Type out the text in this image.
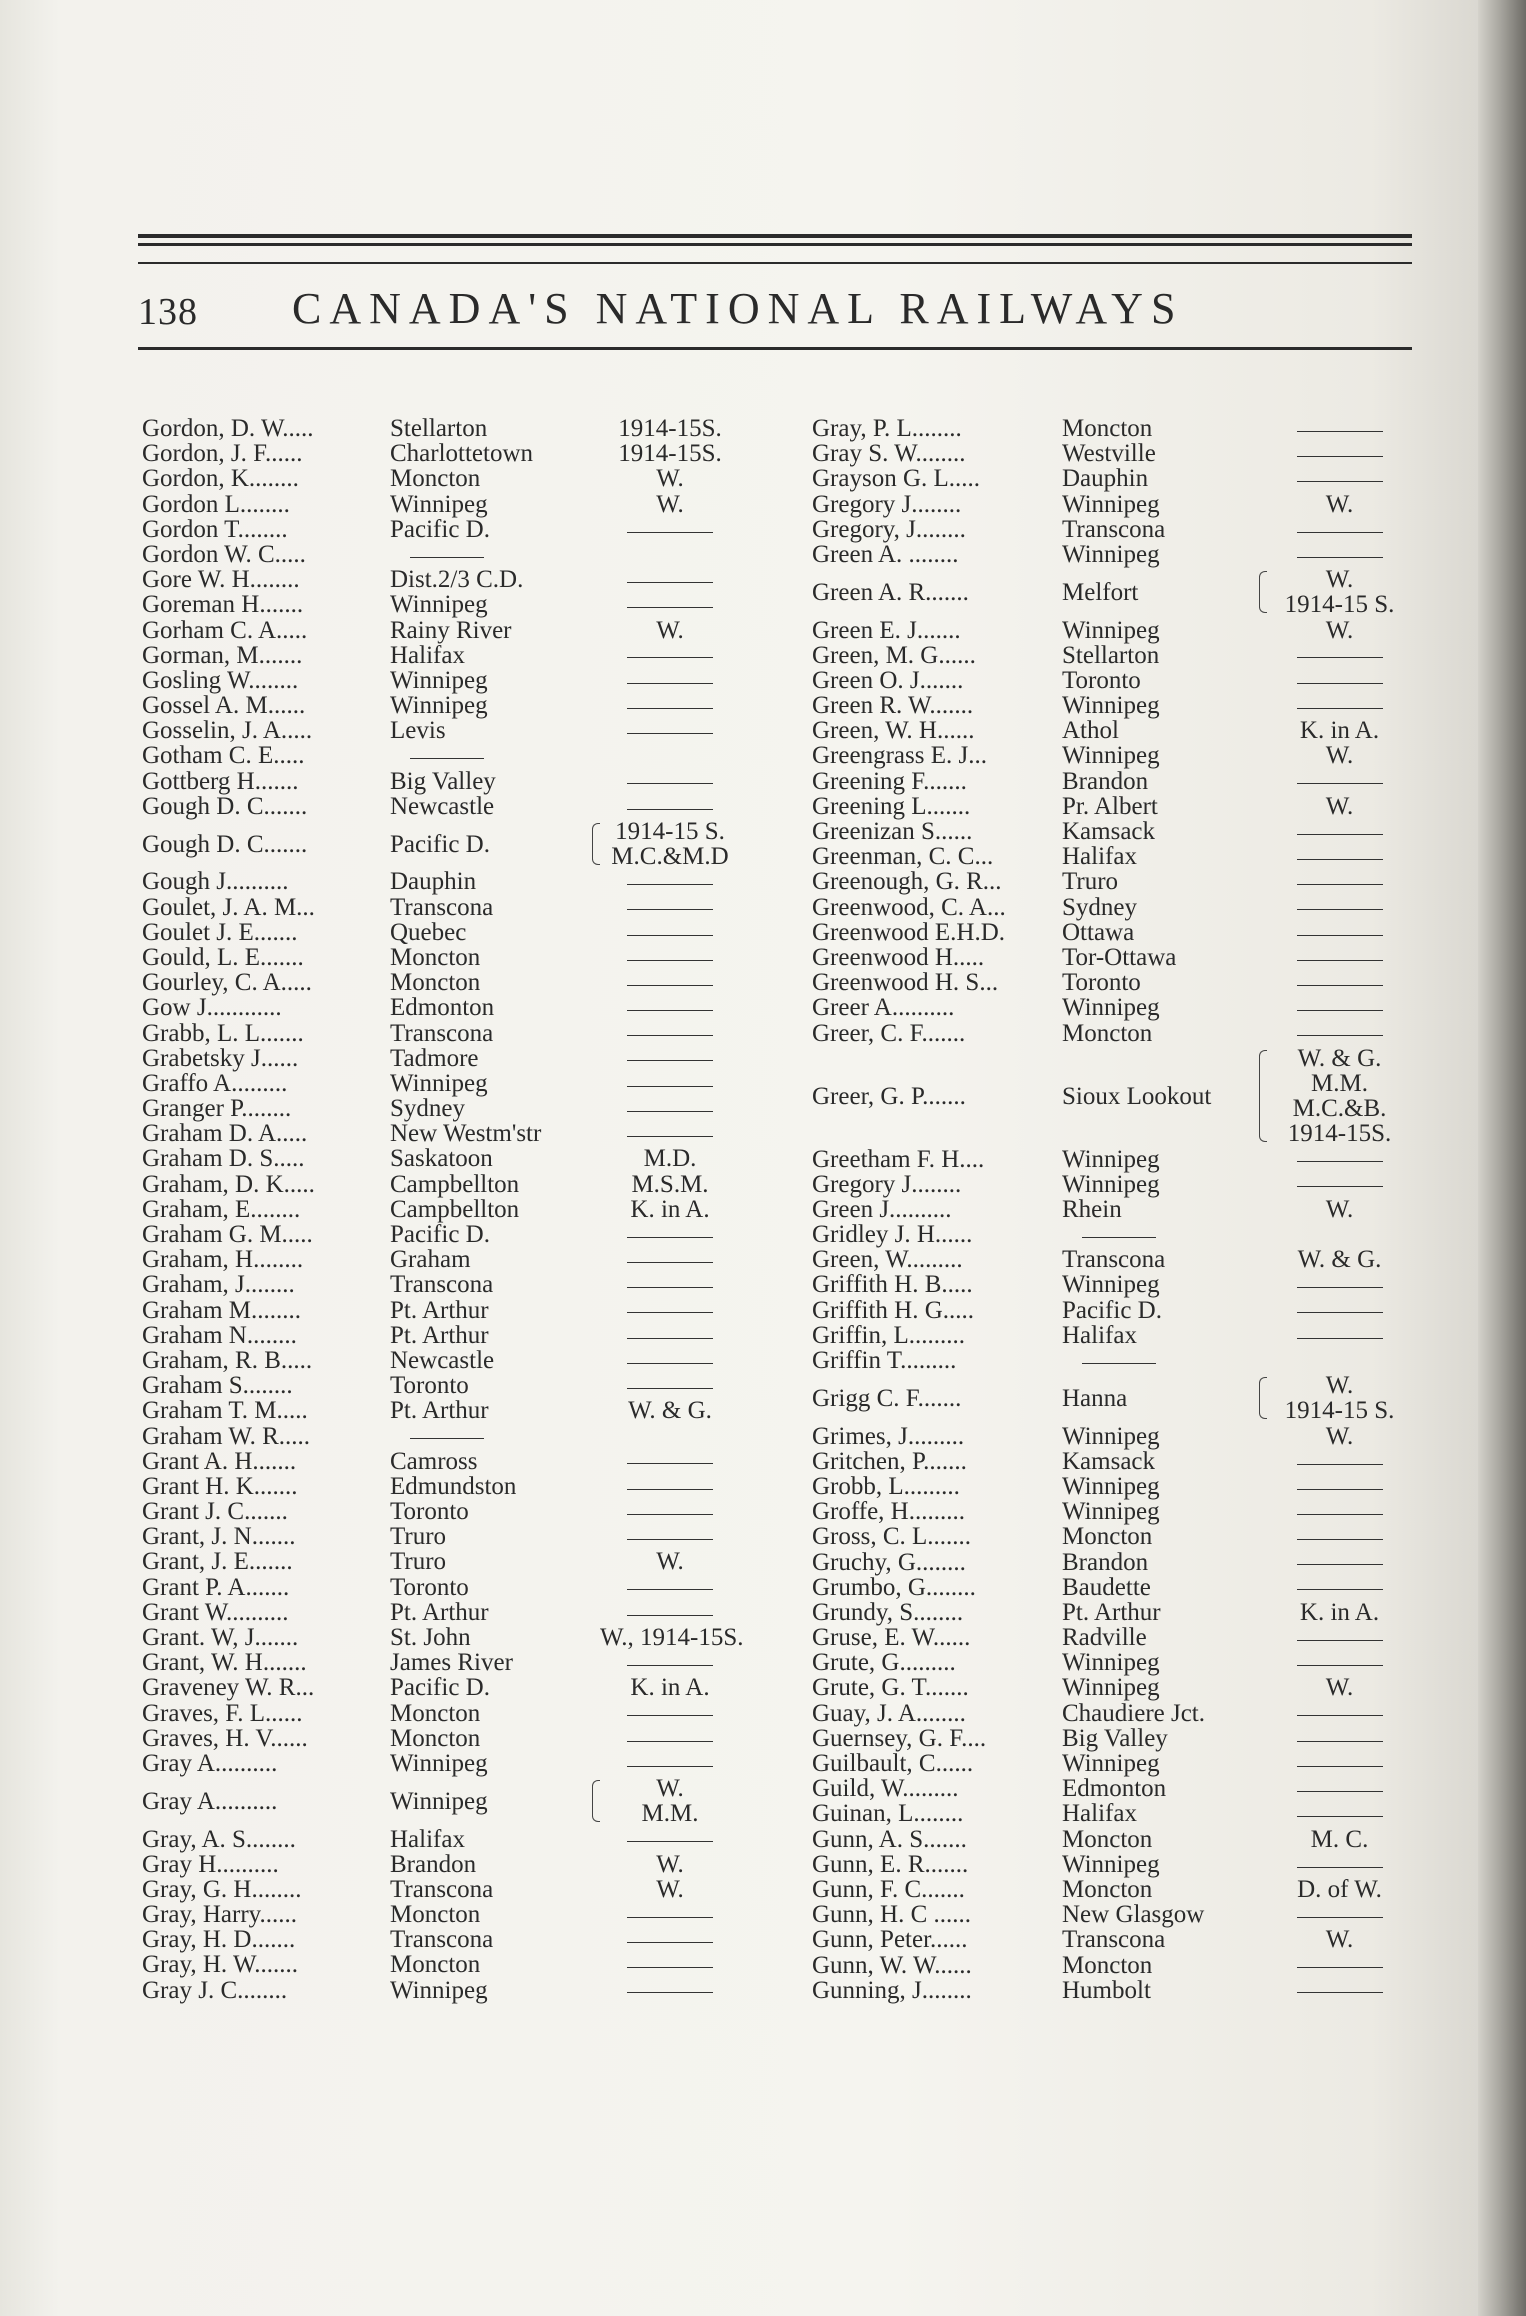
138 CANADA'S NATIONAL RAILWAYS
Gordon, D. W.....	Stellarton	1914-15S.
Gordon, J. F......	Charlottetown	1914-15S.
Gordon, K........	Moncton	W.
Gordon L........	Winnipeg	W.
Gordon T........	Pacific D.
Gordon W. C.....
Gore W. H........	Dist.2/3 C.D.
Goreman H.......	Winnipeg
Gorham C. A.....	Rainy River	W.
Gorman, M.......	Halifax
Gosling W........	Winnipeg
Gossel A. M......	Winnipeg
Gosselin, J. A.....	Levis
Gotham C. E.....
Gottberg H.......	Big Valley
Gough D. C.......	Newcastle
Gough D. C.......	Pacific D.	1914-15 S.
M.C.&M.D
Gough J..........	Dauphin
Goulet, J. A. M...	Transcona
Goulet J. E.......	Quebec
Gould, L. E.......	Moncton
Gourley, C. A.....	Moncton
Gow J............	Edmonton
Grabb, L. L.......	Transcona
Grabetsky J......	Tadmore
Graffo A.........	Winnipeg
Granger P........	Sydney
Graham D. A.....	New Westm'str
Graham D. S.....	Saskatoon	M.D.
Graham, D. K.....	Campbellton	M.S.M.
Graham, E........	Campbellton	K. in A.
Graham G. M.....	Pacific D.
Graham, H........	Graham
Graham, J........	Transcona
Graham M........	Pt. Arthur
Graham N........	Pt. Arthur
Graham, R. B.....	Newcastle
Graham S........	Toronto
Graham T. M.....	Pt. Arthur	W. & G.
Graham W. R.....
Grant A. H.......	Camross
Grant H. K.......	Edmundston
Grant J. C.......	Toronto
Grant, J. N.......	Truro
Grant, J. E.......	Truro	W.
Grant P. A.......	Toronto
Grant W..........	Pt. Arthur
Grant. W, J.......	St. John	W., 1914-15S.
Grant, W. H.......	James River
Graveney W. R...	Pacific D.	K. in A.
Graves, F. L......	Moncton
Graves, H. V......	Moncton
Gray A..........	Winnipeg
Gray A..........	Winnipeg	W.
M.M.
Gray, A. S........	Halifax
Gray H..........	Brandon	W.
Gray, G. H........	Transcona	W.
Gray, Harry......	Moncton
Gray, H. D.......	Transcona
Gray, H. W.......	Moncton
Gray J. C........	Winnipeg
Gray, P. L........	Moncton
Gray S. W........	Westville
Grayson G. L.....	Dauphin
Gregory J........	Winnipeg	W.
Gregory, J........	Transcona
Green A. ........	Winnipeg
Green A. R.......	Melfort	W.
1914-15 S.
Green E. J.......	Winnipeg	W.
Green, M. G......	Stellarton
Green O. J.......	Toronto
Green R. W.......	Winnipeg
Green, W. H......	Athol	K. in A.
Greengrass E. J...	Winnipeg	W.
Greening F.......	Brandon
Greening L.......	Pr. Albert	W.
Greenizan S......	Kamsack
Greenman, C. C...	Halifax
Greenough, G. R... Truro
Greenwood, C. A... Sydney
Greenwood E.H.D. Ottawa
Greenwood H.....	Tor-Ottawa
Greenwood H. S...	Toronto
Greer A..........	Winnipeg
Greer, C. F.......	Moncton
Greer, G. P.......	Sioux Lookout
W. & G.
M.M.
M.C.&B.
1914-15S.
Greetham F. H....	Winnipeg
Gregory J........	Winnipeg
Green J..........	Rhein	W.
Gridley J. H......
Green, W.........	Transcona	W. & G.
Griffith H. B.....	Winnipeg
Griffith H. G.....	Pacific D.
Griffin, L.........	Halifax
Griffin T.........
Grigg C. F.......	Hanna	W.
1914-15 S.
Grimes, J.........	Winnipeg	W.
Gritchen, P.......	Kamsack
Grobb, L.........	Winnipeg
Groffe, H.........	Winnipeg
Gross, C. L.......	Moncton
Gruchy, G........	Brandon
Grumbo, G........	Baudette
Grundy, S........	Pt. Arthur	K. in A.
Gruse, E. W......	Radville
Grute, G.........	Winnipeg
Grute, G. T.......	Winnipeg	W.
Guay, J. A........	Chaudiere Jct.
Guernsey, G. F....	Big Valley
Guilbault, C......	Winnipeg
Guild, W.........	Edmonton
Guinan, L........	Halifax
Gunn, A. S.......	Moncton	M. C.
Gunn, E. R.......	Winnipeg
Gunn, F. C.......	Moncton	D. of W.
Gunn, H. C ......	New Glasgow
Gunn, Peter......	Transcona	W.
Gunn, W. W......	Moncton
Gunning, J........	Humbolt
